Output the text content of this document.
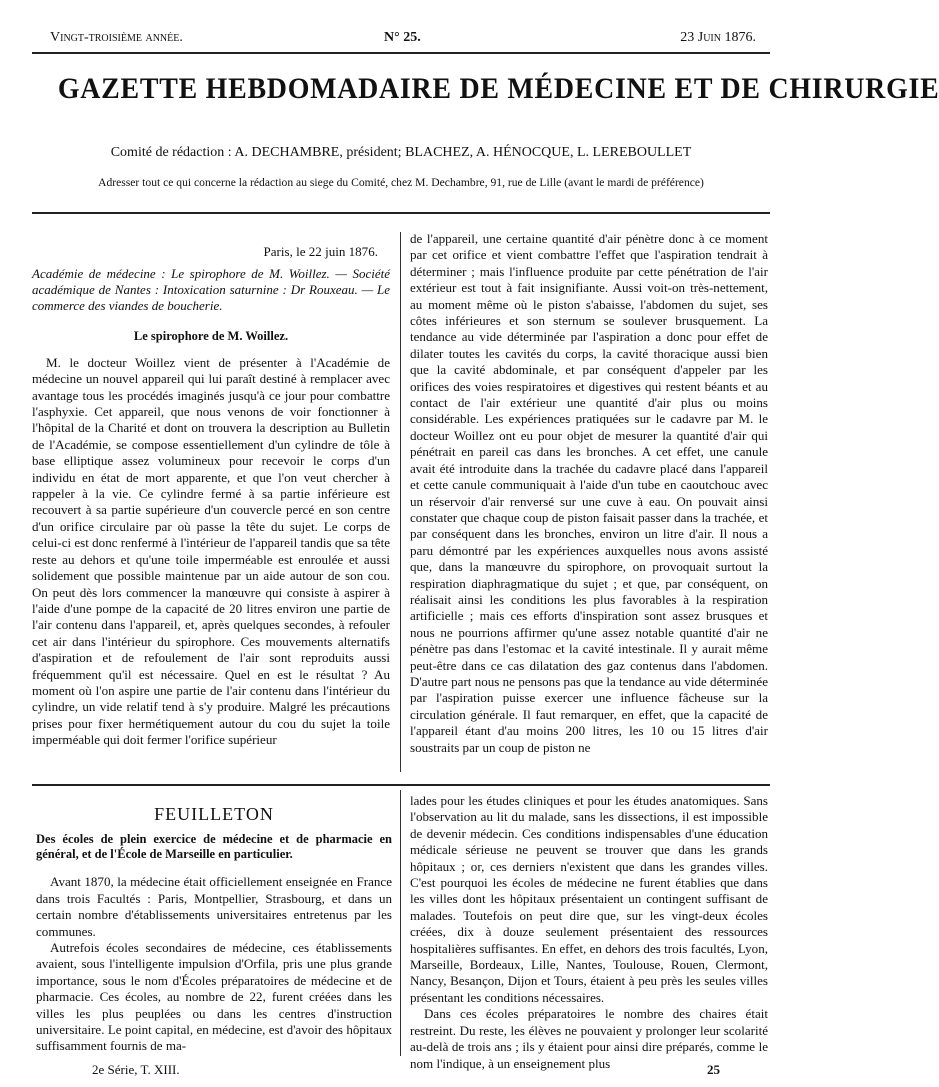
Vingt-troisième année.	N° 25.	23 Juin 1876.
GAZETTE HEBDOMADAIRE DE MÉDECINE ET DE CHIRURGIE
Comité de rédaction : A. DECHAMBRE, président; BLACHEZ, A. HÉNOCQUE, L. LEREBOULLET
Adresser tout ce qui concerne la rédaction au siege du Comité, chez M. Dechambre, 91, rue de Lille (avant le mardi de préférence)

Paris, le 22 juin 1876.

Académie de médecine : Le spirophore de M. Woillez. — Société académique de Nantes : Intoxication saturnine : Dr Rouxeau. — Le commerce des viandes de boucherie.

Le spirophore de M. Woillez.

M. le docteur Woillez vient de présenter à l'Académie de médecine un nouvel appareil qui lui paraît destiné à remplacer avec avantage tous les procédés imaginés jusqu'à ce jour pour combattre l'asphyxie. Cet appareil, que nous venons de voir fonctionner à l'hôpital de la Charité et dont on trouvera la description au Bulletin de l'Académie, se compose essentiellement d'un cylindre de tôle à base elliptique assez volumineux pour recevoir le corps d'un individu en état de mort apparente, et que l'on veut chercher à rappeler à la vie. Ce cylindre fermé à sa partie inférieure est recouvert à sa partie supérieure d'un couvercle percé en son centre d'un orifice circulaire par où passe la tête du sujet. Le corps de celui-ci est donc renfermé à l'intérieur de l'appareil tandis que sa tête reste au dehors et qu'une toile imperméable est enroulée et aussi solidement que possible maintenue par un aide autour de son cou. On peut dès lors commencer la manœuvre qui consiste à aspirer à l'aide d'une pompe de la capacité de 20 litres environ une partie de l'air contenu dans l'appareil, et, après quelques secondes, à refouler cet air dans l'intérieur du spirophore. Ces mouvements alternatifs d'aspiration et de refoulement de l'air sont reproduits aussi fréquemment qu'il est nécessaire. Quel en est le résultat ? Au moment où l'on aspire une partie de l'air contenu dans l'intérieur du cylindre, un vide relatif tend à s'y produire. Malgré les précautions prises pour fixer hermétiquement autour du cou du sujet la toile imperméable qui doit fermer l'orifice supérieur

de l'appareil, une certaine quantité d'air pénètre donc à ce moment par cet orifice et vient combattre l'effet que l'aspiration tendrait à déterminer ; mais l'influence produite par cette pénétration de l'air extérieur est tout à fait insignifiante. Aussi voit-on très-nettement, au moment même où le piston s'abaisse, l'abdomen du sujet, ses côtes inférieures et son sternum se soulever brusquement. La tendance au vide déterminée par l'aspiration a donc pour effet de dilater toutes les cavités du corps, la cavité thoracique aussi bien que la cavité abdominale, et par conséquent d'appeler par les orifices des voies respiratoires et digestives qui restent béants et au contact de l'air extérieur une quantité d'air plus ou moins considérable. Les expériences pratiquées sur le cadavre par M. le docteur Woillez ont eu pour objet de mesurer la quantité d'air qui pénétrait en pareil cas dans les bronches. A cet effet, une canule avait été introduite dans la trachée du cadavre placé dans l'appareil et cette canule communiquait à l'aide d'un tube en caoutchouc avec un réservoir d'air renversé sur une cuve à eau. On pouvait ainsi constater que chaque coup de piston faisait passer dans la trachée, et par conséquent dans les bronches, environ un litre d'air. Il nous a paru démontré par les expériences auxquelles nous avons assisté que, dans la manœuvre du spirophore, on provoquait surtout la respiration diaphragmatique du sujet ; et que, par conséquent, on réalisait ainsi les conditions les plus favorables à la respiration artificielle ; mais ces efforts d'inspiration sont assez brusques et nous ne pourrions affirmer qu'une assez notable quantité d'air ne pénètre pas dans l'estomac et la cavité intestinale. Il y aurait même peut-être dans ce cas dilatation des gaz contenus dans l'abdomen. D'autre part nous ne pensons pas que la tendance au vide déterminée par l'aspiration puisse exercer une influence fâcheuse sur la circulation générale. Il faut remarquer, en effet, que la capacité de l'appareil étant d'au moins 200 litres, les 10 ou 15 litres d'air soustraits par un coup de piston ne

FEUILLETON

Des écoles de plein exercice de médecine et de pharmacie en général, et de l'École de Marseille en particulier.

Avant 1870, la médecine était officiellement enseignée en France dans trois Facultés : Paris, Montpellier, Strasbourg, et dans un certain nombre d'établissements universitaires entretenus par les communes.

Autrefois écoles secondaires de médecine, ces établissements avaient, sous l'intelligente impulsion d'Orfila, pris une plus grande importance, sous le nom d'Écoles préparatoires de médecine et de pharmacie. Ces écoles, au nombre de 22, furent créées dans les villes les plus peuplées ou dans les centres d'instruction universitaire. Le point capital, en médecine, est d'avoir des hôpitaux suffisamment fournis de ma-

lades pour les études cliniques et pour les études anatomiques. Sans l'observation au lit du malade, sans les dissections, il est impossible de devenir médecin. Ces conditions indispensables d'une éducation médicale sérieuse ne peuvent se trouver que dans les grands hôpitaux ; or, ces derniers n'existent que dans les grandes villes. C'est pourquoi les écoles de médecine ne furent établies que dans les villes dont les hôpitaux présentaient un contingent suffisant de malades. Toutefois on peut dire que, sur les vingt-deux écoles créées, dix à douze seulement présentaient des ressources hospitalières suffisantes. En effet, en dehors des trois facultés, Lyon, Marseille, Bordeaux, Lille, Nantes, Toulouse, Rouen, Clermont, Nancy, Besançon, Dijon et Tours, étaient à peu près les seules villes présentant les conditions nécessaires.

Dans ces écoles préparatoires le nombre des chaires était restreint. Du reste, les élèves ne pouvaient y prolonger leur scolarité au-delà de trois ans ; ils y étaient pour ainsi dire préparés, comme le nom l'indique, à un enseignement plus

2e Série, T. XIII.	25
